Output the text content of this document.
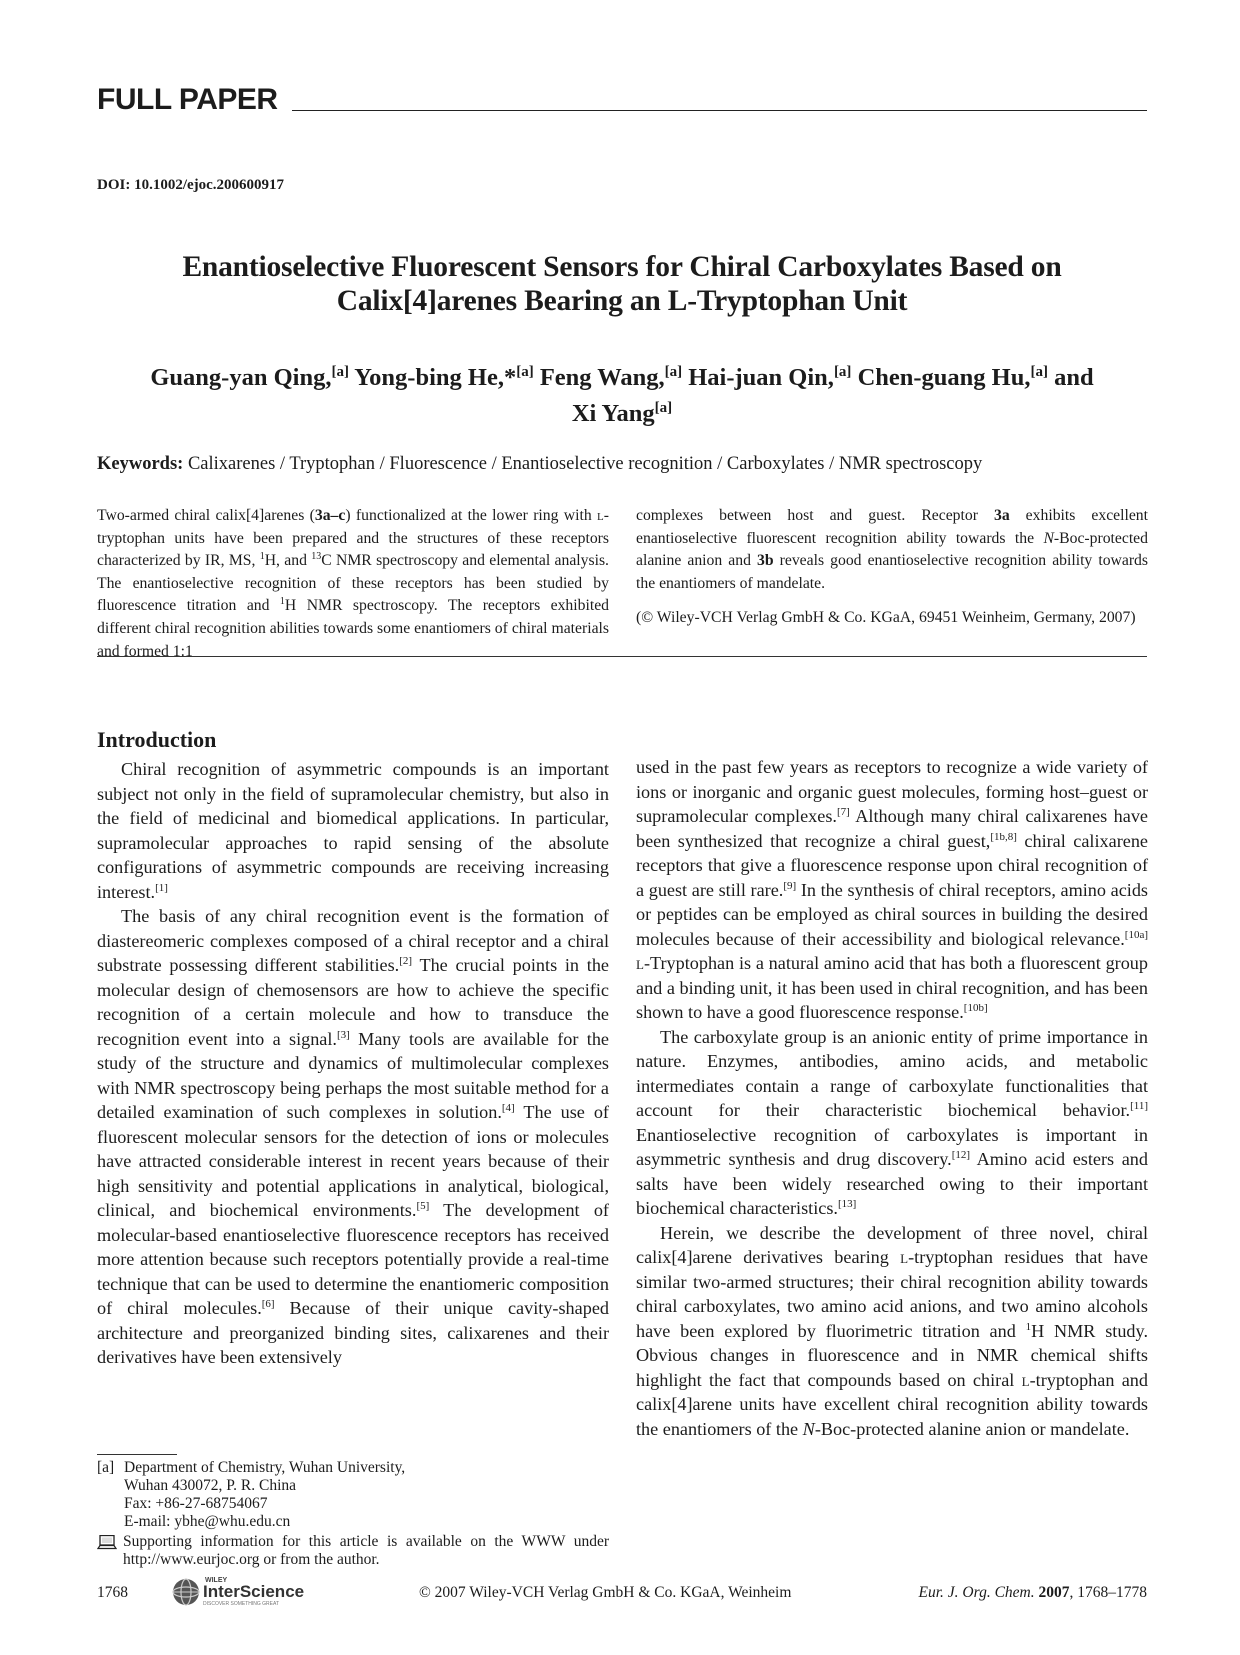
FULL PAPER
DOI: 10.1002/ejoc.200600917
Enantioselective Fluorescent Sensors for Chiral Carboxylates Based on
Calix[4]arenes Bearing an L-Tryptophan Unit
Guang-yan Qing,[a] Yong-bing He,*[a] Feng Wang,[a] Hai-juan Qin,[a] Chen-guang Hu,[a] and
Xi Yang[a]
Keywords: Calixarenes / Tryptophan / Fluorescence / Enantioselective recognition / Carboxylates / NMR spectroscopy

Two-armed chiral calix[4]arenes (3a–c) functionalized at the lower ring with l-tryptophan units have been prepared and the structures of these receptors characterized by IR, MS, $^1$H, and $^{13}$C NMR spectroscopy and elemental analysis. The enantioselective recognition of these receptors has been studied by fluorescence titration and $^1$H NMR spectroscopy. The receptors exhibited different chiral recognition abilities towards some enantiomers of chiral materials and formed 1:1

complexes between host and guest. Receptor 3a exhibits excellent enantioselective fluorescent recognition ability towards the N-Boc-protected alanine anion and 3b reveals good enantioselective recognition ability towards the enantiomers of mandelate.

(© Wiley-VCH Verlag GmbH & Co. KGaA, 69451 Weinheim, Germany, 2007)

Introduction

Chiral recognition of asymmetric compounds is an important subject not only in the field of supramolecular chemistry, but also in the field of medicinal and biomedical applications. In particular, supramolecular approaches to rapid sensing of the absolute configurations of asymmetric compounds are receiving increasing interest.[1]

The basis of any chiral recognition event is the formation of diastereomeric complexes composed of a chiral receptor and a chiral substrate possessing different stabilities.[2] The crucial points in the molecular design of chemosensors are how to achieve the specific recognition of a certain molecule and how to transduce the recognition event into a signal.[3] Many tools are available for the study of the structure and dynamics of multimolecular complexes with NMR spectroscopy being perhaps the most suitable method for a detailed examination of such complexes in solution.[4] The use of fluorescent molecular sensors for the detection of ions or molecules have attracted considerable interest in recent years because of their high sensitivity and potential applications in analytical, biological, clinical, and biochemical environments.[5] The development of molecular-based enantioselective fluorescence receptors has received more attention because such receptors potentially provide a real-time technique that can be used to determine the enantiomeric composition of chiral molecules.[6] Because of their unique cavity-shaped architecture and preorganized binding sites, calixarenes and their derivatives have been extensively

used in the past few years as receptors to recognize a wide variety of ions or inorganic and organic guest molecules, forming host–guest or supramolecular complexes.[7] Although many chiral calixarenes have been synthesized that recognize a chiral guest,[1b,8] chiral calixarene receptors that give a fluorescence response upon chiral recognition of a guest are still rare.[9] In the synthesis of chiral receptors, amino acids or peptides can be employed as chiral sources in building the desired molecules because of their accessibility and biological relevance.[10a] l-Tryptophan is a natural amino acid that has both a fluorescent group and a binding unit, it has been used in chiral recognition, and has been shown to have a good fluorescence response.[10b]

The carboxylate group is an anionic entity of prime importance in nature. Enzymes, antibodies, amino acids, and metabolic intermediates contain a range of carboxylate functionalities that account for their characteristic biochemical behavior.[11] Enantioselective recognition of carboxylates is important in asymmetric synthesis and drug discovery.[12] Amino acid esters and salts have been widely researched owing to their important biochemical characteristics.[13]

Herein, we describe the development of three novel, chiral calix[4]arene derivatives bearing l-tryptophan residues that have similar two-armed structures; their chiral recognition ability towards chiral carboxylates, two amino acid anions, and two amino alcohols have been explored by fluorimetric titration and $^1$H NMR study. Obvious changes in fluorescence and in NMR chemical shifts highlight the fact that compounds based on chiral l-tryptophan and calix[4]arene units have excellent chiral recognition ability towards the enantiomers of the N-Boc-protected alanine anion or mandelate.

[a] Department of Chemistry, Wuhan University,

Wuhan 430072, P. R. China

Fax: +86-27-68754067

E-mail: ybhe@whu.edu.cn

Supporting information for this article is available on the WWW under http://www.eurjoc.org or from the author.
1768
WILEY
InterScience
DISCOVER SOMETHING GREAT
© 2007 Wiley-VCH Verlag GmbH & Co. KGaA, Weinheim	Eur. J. Org. Chem. 2007, 1768–1778
